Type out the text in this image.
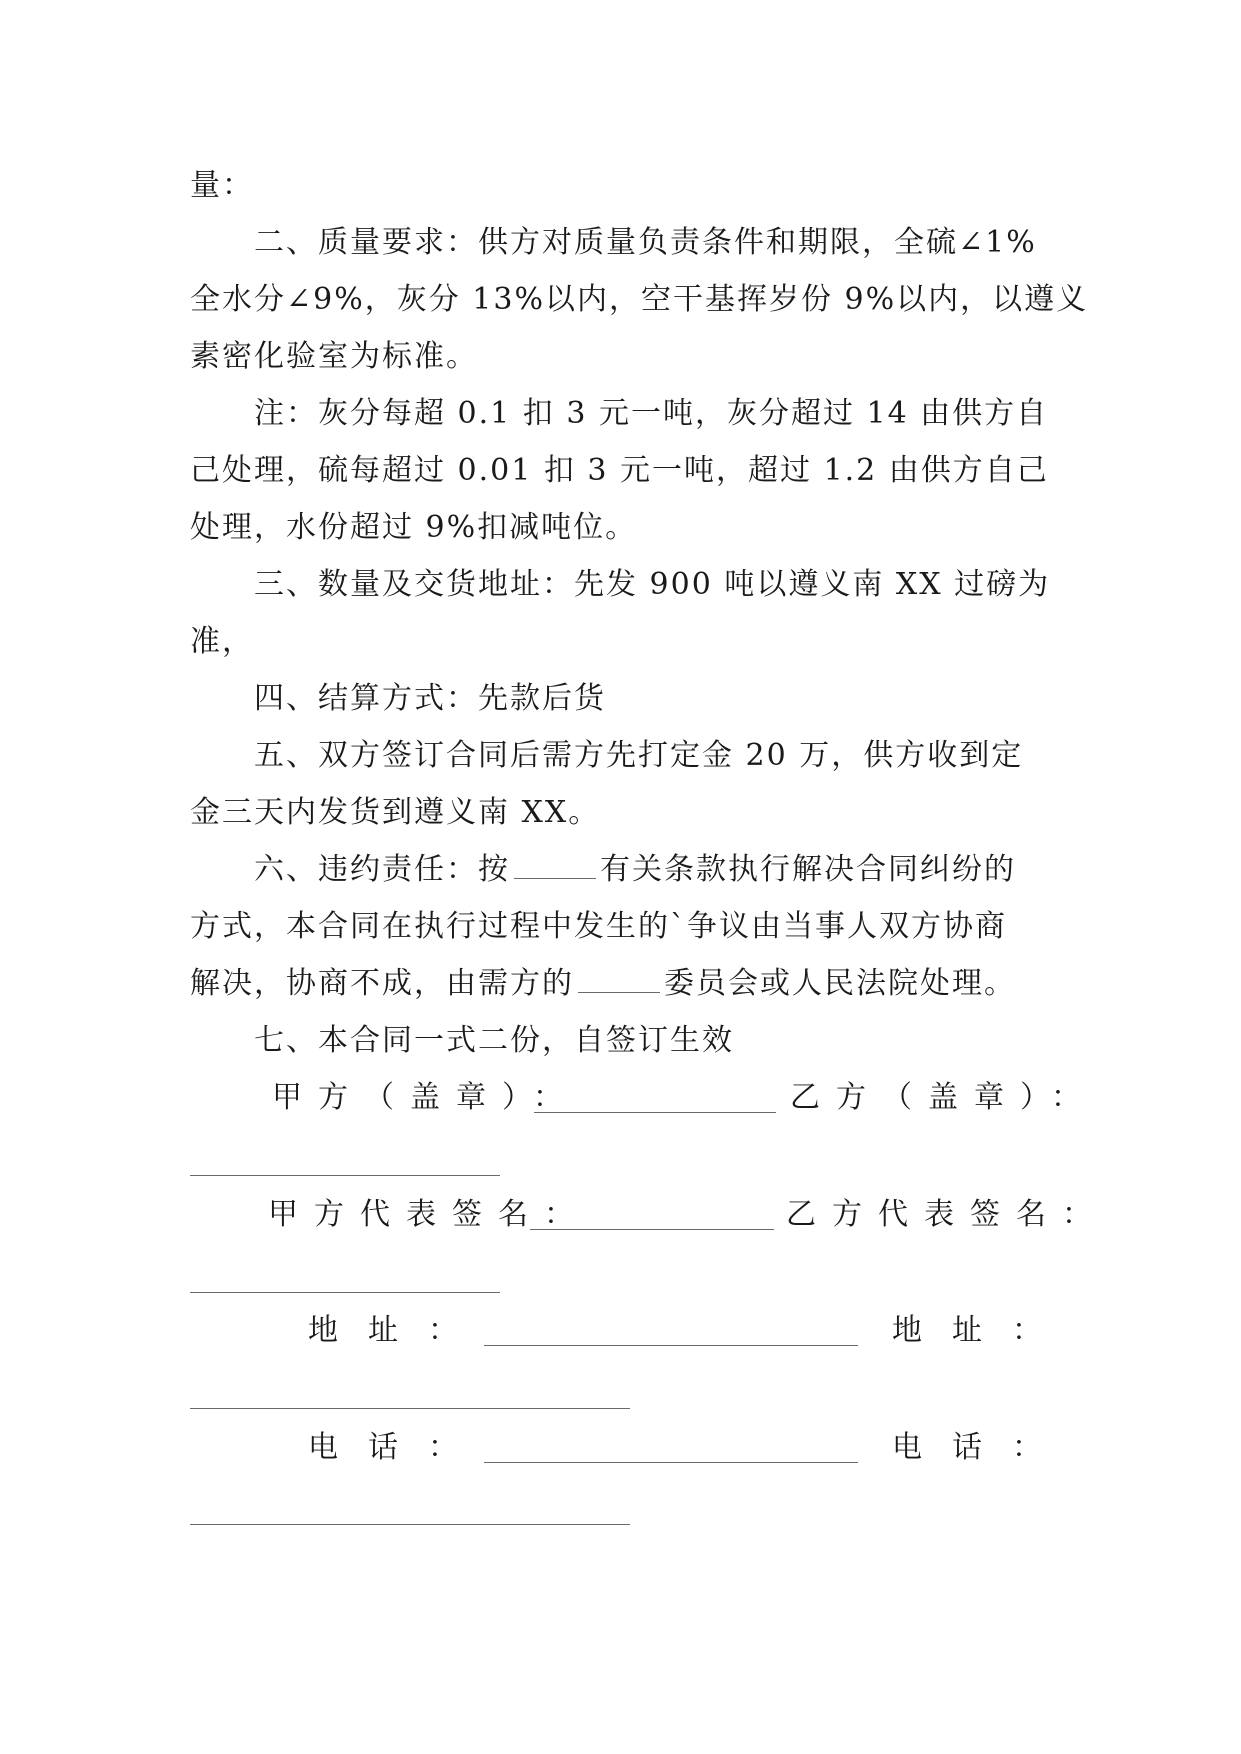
量：
二、质量要求：供方对质量负责条件和期限，全硫∠1%
全水分∠9%，灰分 13%以内，空干基挥岁份 9%以内，以遵义
素密化验室为标准。
注：灰分每超 0.1 扣 3 元一吨，灰分超过 14 由供方自
己处理，硫每超过 0.01 扣 3 元一吨，超过 1.2 由供方自己
处理，水份超过 9%扣减吨位。
三、数量及交货地址：先发 900 吨以遵义南 XX 过磅为
准，
四、结算方式：先款后货
五、双方签订合同后需方先打定金 20 万，供方收到定
金三天内发货到遵义南 XX。
六、违约责任：按	有关条款执行解决合同纠纷的
方式，本合同在执行过程中发生的`争议由当事人双方协商
解决，协商不成，由需方的	委员会或人民法院处理。
七、本合同一式二份，自签订生效
甲方（盖章）：	乙方（盖章）：
甲方代表签名：	乙方代表签名：
地址：	地址：
电话：	电话：
